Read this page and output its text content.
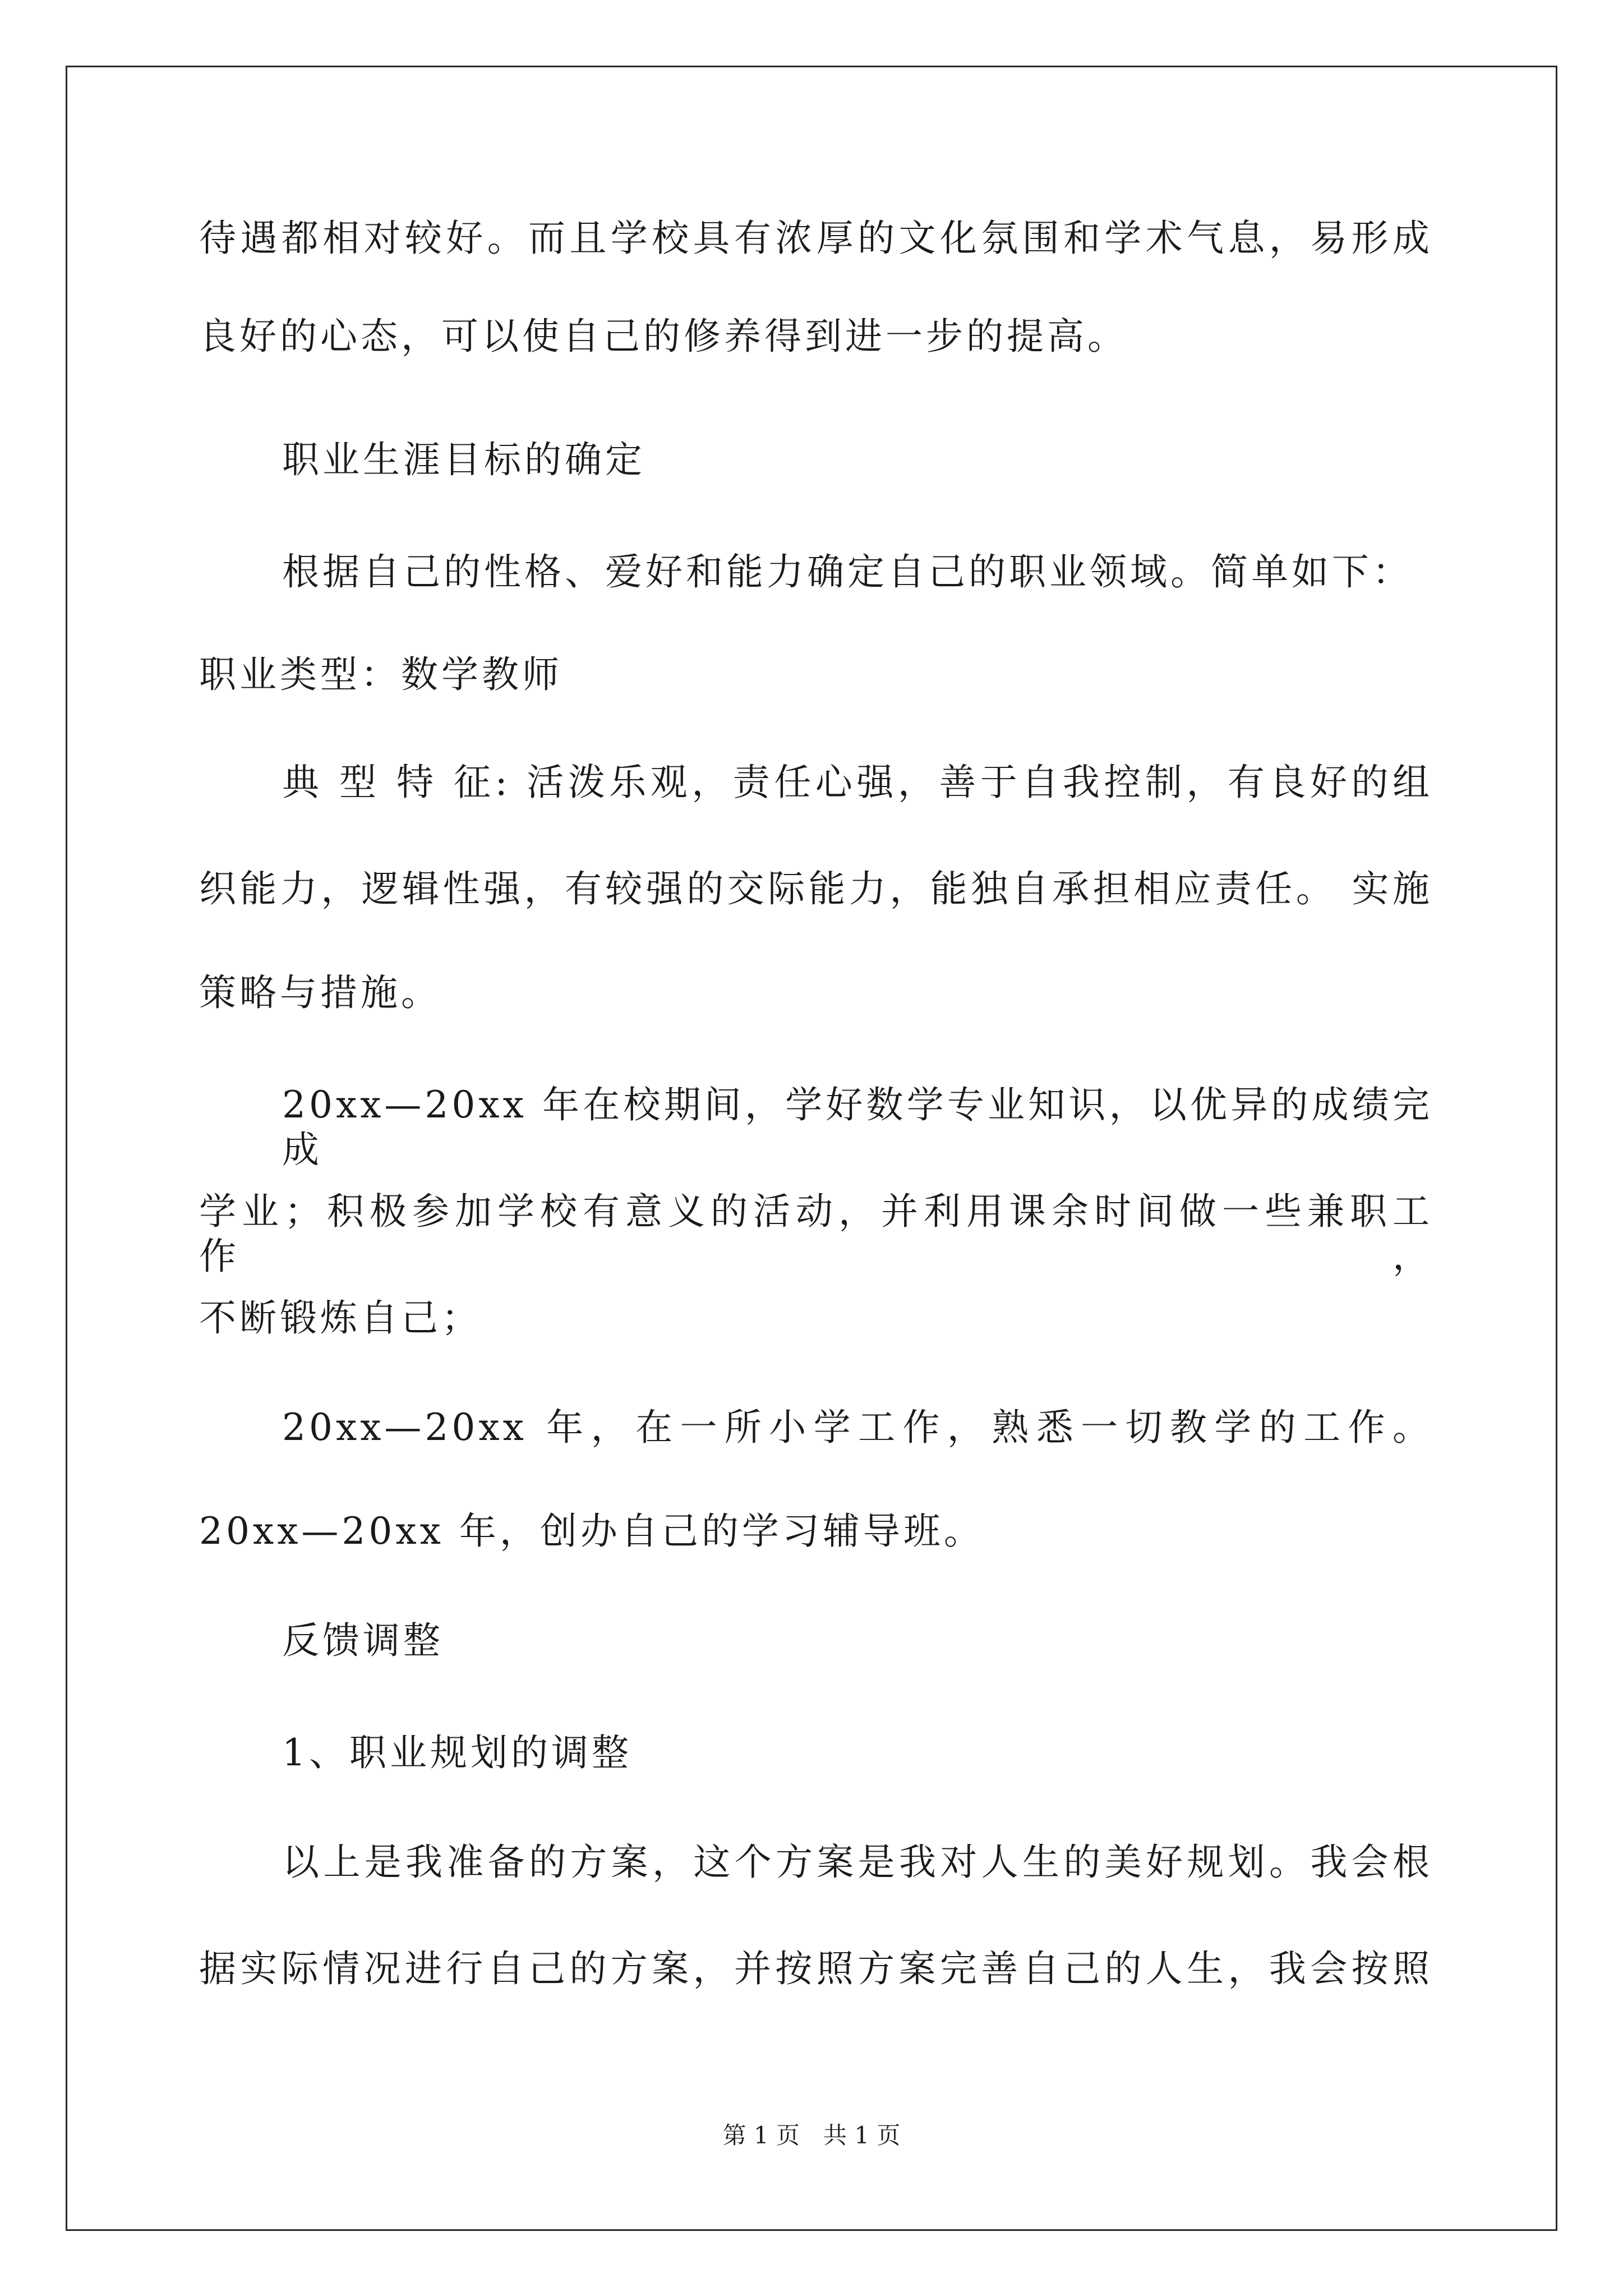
待遇都相对较好。而且学校具有浓厚的文化氛围和学术气息，易形成
良好的心态，可以使自己的修养得到进一步的提高。
职业生涯目标的确定
根据自己的性格、爱好和能力确定自己的职业领域。简单如下：
职业类型：数学教师
典 型 特 征: 活泼乐观，责任心强，善于自我控制，有良好的组
织能力，逻辑性强，有较强的交际能力，能独自承担相应责任。 实施
策略与措施。
20xx—20xx 年在校期间，学好数学专业知识，以优异的成绩完成
学业；积极参加学校有意义的活动，并利用课余时间做一些兼职工作，
不断锻炼自己；
20xx—20xx 年，在一所小学工作，熟悉一切教学的工作。
20xx—20xx 年，创办自己的学习辅导班。
反馈调整
1、职业规划的调整
以上是我准备的方案，这个方案是我对人生的美好规划。我会根
据实际情况进行自己的方案，并按照方案完善自己的人生，我会按照
第 1 页　共 1 页
